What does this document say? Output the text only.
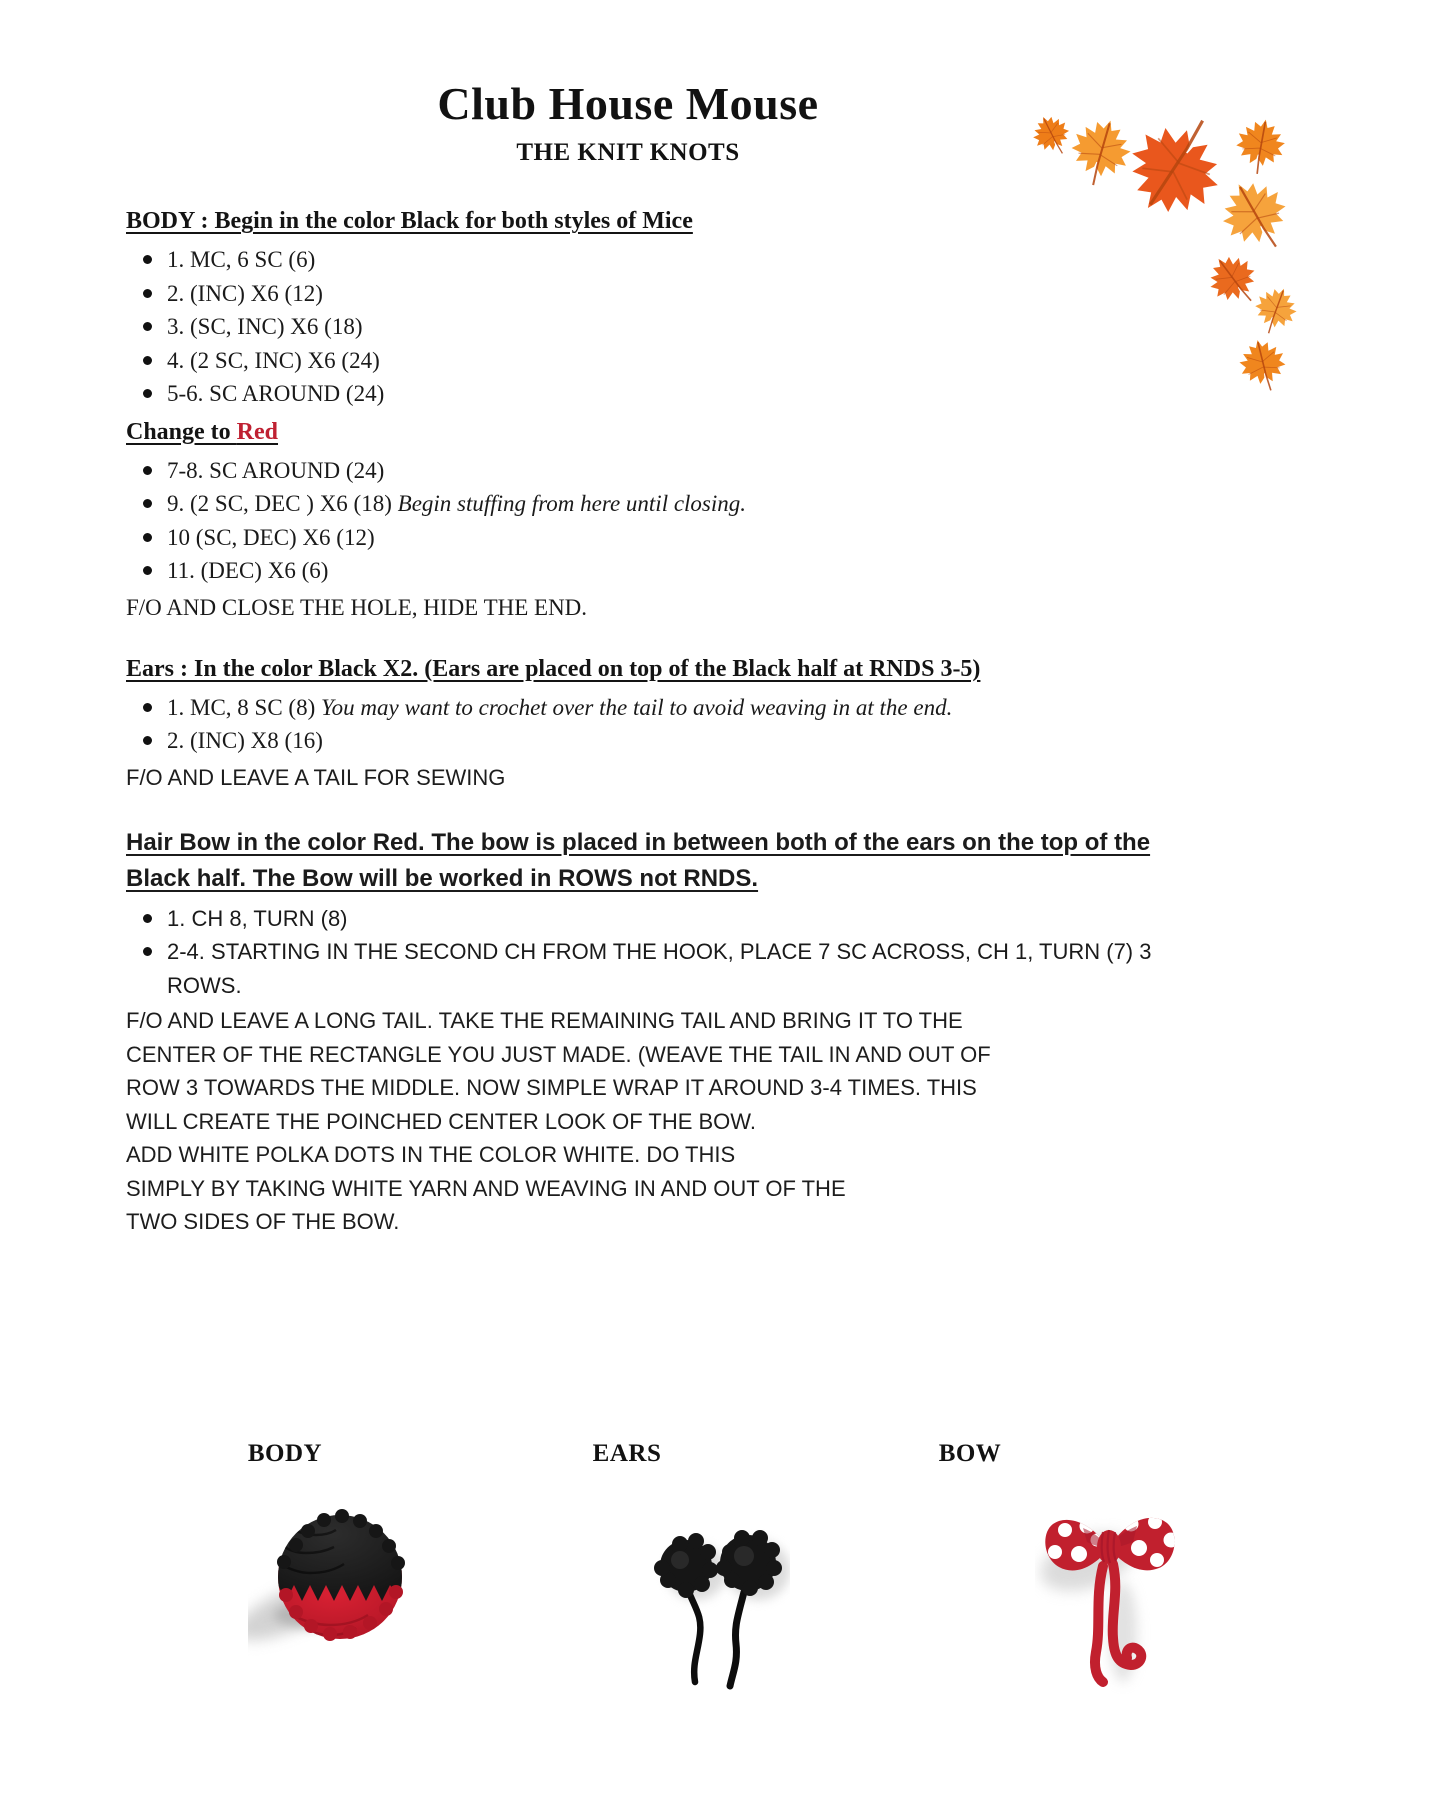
Club House Mouse
THE KNIT KNOTS
BODY : Begin in the color Black for both styles of Mice
1. MC, 6 SC (6)
2. (INC) X6 (12)
3. (SC, INC) X6 (18)
4. (2 SC, INC) X6 (24)
5-6. SC AROUND (24)
Change to Red
7-8. SC AROUND (24)
9. (2 SC, DEC ) X6 (18) Begin stuffing from here until closing.
10 (SC, DEC) X6 (12)
11. (DEC) X6 (6)

F/O AND CLOSE THE HOLE, HIDE THE END.

Ears : In the color Black X2. (Ears are placed on top of the Black half at RNDS 3-5)
1. MC, 8 SC (8) You may want to crochet over the tail to avoid weaving in at the end.
2. (INC) X8 (16)

F/O AND LEAVE A TAIL FOR SEWING

Hair Bow in the color Red. The bow is placed in between both of the ears on the top of the Black half. The Bow will be worked in ROWS not RNDS.
1. CH 8, TURN (8)
2-4. STARTING IN THE SECOND CH FROM THE HOOK, PLACE 7 SC ACROSS, CH 1, TURN (7) 3 ROWS.
F/O AND LEAVE A LONG TAIL. TAKE THE REMAINING TAIL AND BRING IT TO THE
CENTER OF THE RECTANGLE YOU JUST MADE. (WEAVE THE TAIL IN AND OUT OF
ROW 3 TOWARDS THE MIDDLE. NOW SIMPLE WRAP IT AROUND 3-4 TIMES. THIS
WILL CREATE THE POINCHED CENTER LOOK OF THE BOW.
ADD WHITE POLKA DOTS IN THE COLOR WHITE. DO THIS
SIMPLY BY TAKING WHITE YARN AND WEAVING IN AND OUT OF THE
TWO SIDES OF THE BOW.
BODY	EARS	BOW
